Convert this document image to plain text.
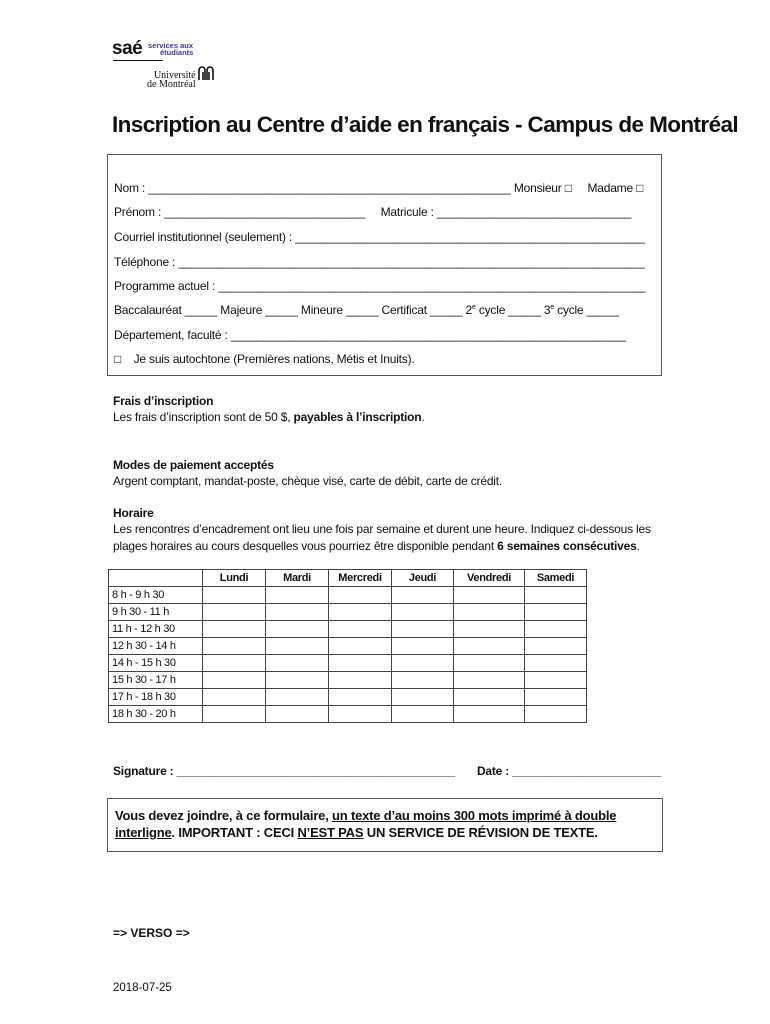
saé services aux
étudiants
Université
de Montréal
Inscription au Centre d’aide en français - Campus de Montréal
Nom : ________________________________________________________ Monsieur □ Madame □
Prénom : _______________________________ Matricule : ______________________________
Courriel institutionnel (seulement) : ______________________________________________________
Téléphone : ________________________________________________________________________
Programme actuel : __________________________________________________________________
Baccalauréat _____ Majeure _____ Mineure _____ Certificat _____ 2e cycle _____ 3e cycle _____
Département, faculté : _____________________________________________________________
□ Je suis autochtone (Premières nations, Métis et Inuits).
Frais d’inscription
Les frais d’inscription sont de 50 $, payables à l’inscription.
Modes de paiement acceptés
Argent comptant, mandat-poste, chèque visé, carte de débit, carte de crédit.
Horaire
Les rencontres d’encadrement ont lieu une fois par semaine et durent une heure. Indiquez ci-dessous les
plages horaires au cours desquelles vous pourriez être disponible pendant 6 semaines consécutives.
	Lundi	Mardi	Mercredi	Jeudi	Vendredi	Samedi
8 h - 9 h 30						
9 h 30 - 11 h						
11 h - 12 h 30						
12 h 30 - 14 h						
14 h - 15 h 30						
15 h 30 - 17 h						
17 h - 18 h 30						
18 h 30 - 20 h						
Signature : ___________________________________________ Date : _______________________
Vous devez joindre, à ce formulaire, un texte d’au moins 300 mots imprimé à double
interligne. IMPORTANT : CECI N’EST PAS UN SERVICE DE RÉVISION DE TEXTE.
=> VERSO =>
2018-07-25
